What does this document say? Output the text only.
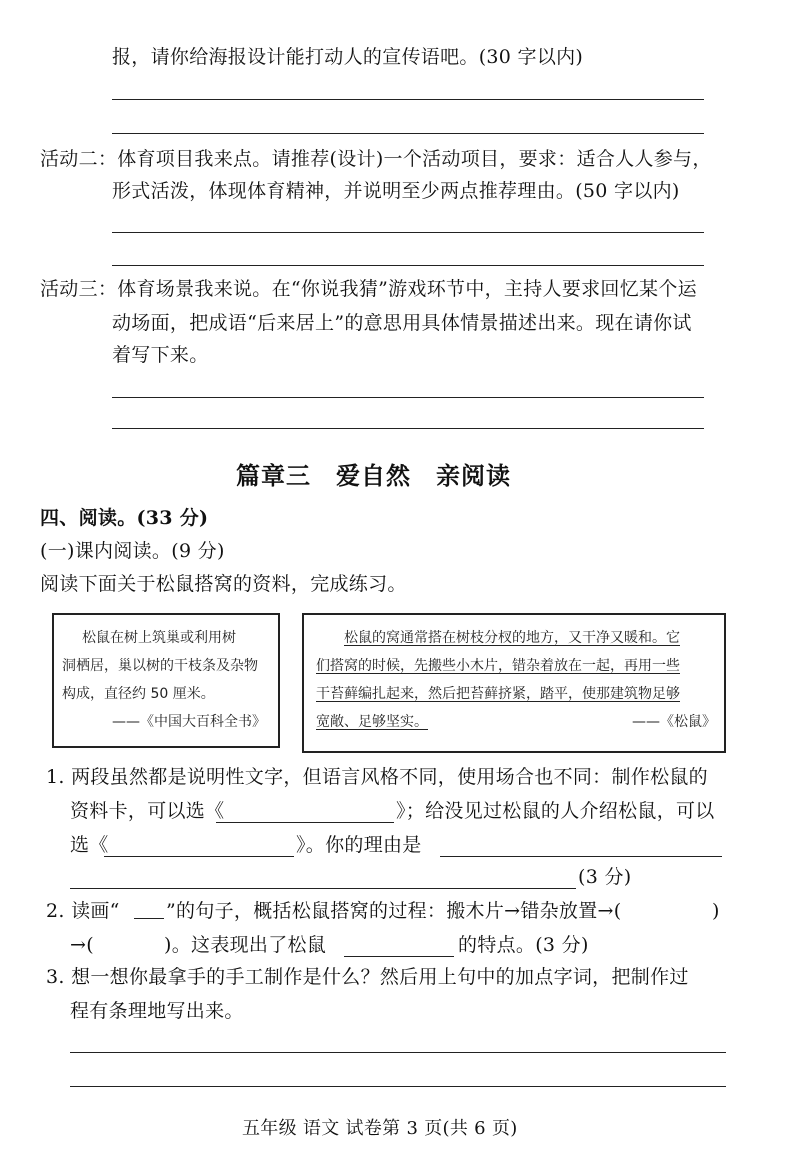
报，请你给海报设计能打动人的宣传语吧。(30 字以内)
活动二：体育项目我来点。请推荐(设计)一个活动项目，要求：适合人人参与，
形式活泼，体现体育精神，并说明至少两点推荐理由。(50 字以内)
活动三：体育场景我来说。在“你说我猜”游戏环节中，主持人要求回忆某个运
动场面，把成语“后来居上”的意思用具体情景描述出来。现在请你试
着写下来。
篇章三　爱自然　亲阅读
四、阅读。(33 分)
(一)课内阅读。(9 分)
阅读下面关于松鼠搭窝的资料，完成练习。
松鼠在树上筑巢或利用树
洞栖居，巢以树的干枝条及杂物
构成，直径约 50 厘米。
——《中国大百科全书》
松鼠的窝通常搭在树枝分杈的地方，又干净又暖和。它
们搭窝的时候，先搬些小木片，错杂着放在一起，再用一些
干苔藓编扎起来，然后把苔藓挤紧，踏平，使那建筑物足够
宽敞、足够坚实。	——《松鼠》
1. 两段虽然都是说明性文字，但语言风格不同，使用场合也不同：制作松鼠的
资料卡，可以选《	》；给没见过松鼠的人介绍松鼠，可以
选《	》。你的理由是
(3 分)
2. 读画“ ”的句子，概括松鼠搭窝的过程：搬木片→错杂放置→(	)
→(	)。这表现出了松鼠	的特点。(3 分)
3. 想一想你最拿手的手工制作是什么？然后用上句中的加点字词，把制作过
程有条理地写出来。
五年级 语文 试卷第 3 页(共 6 页)
